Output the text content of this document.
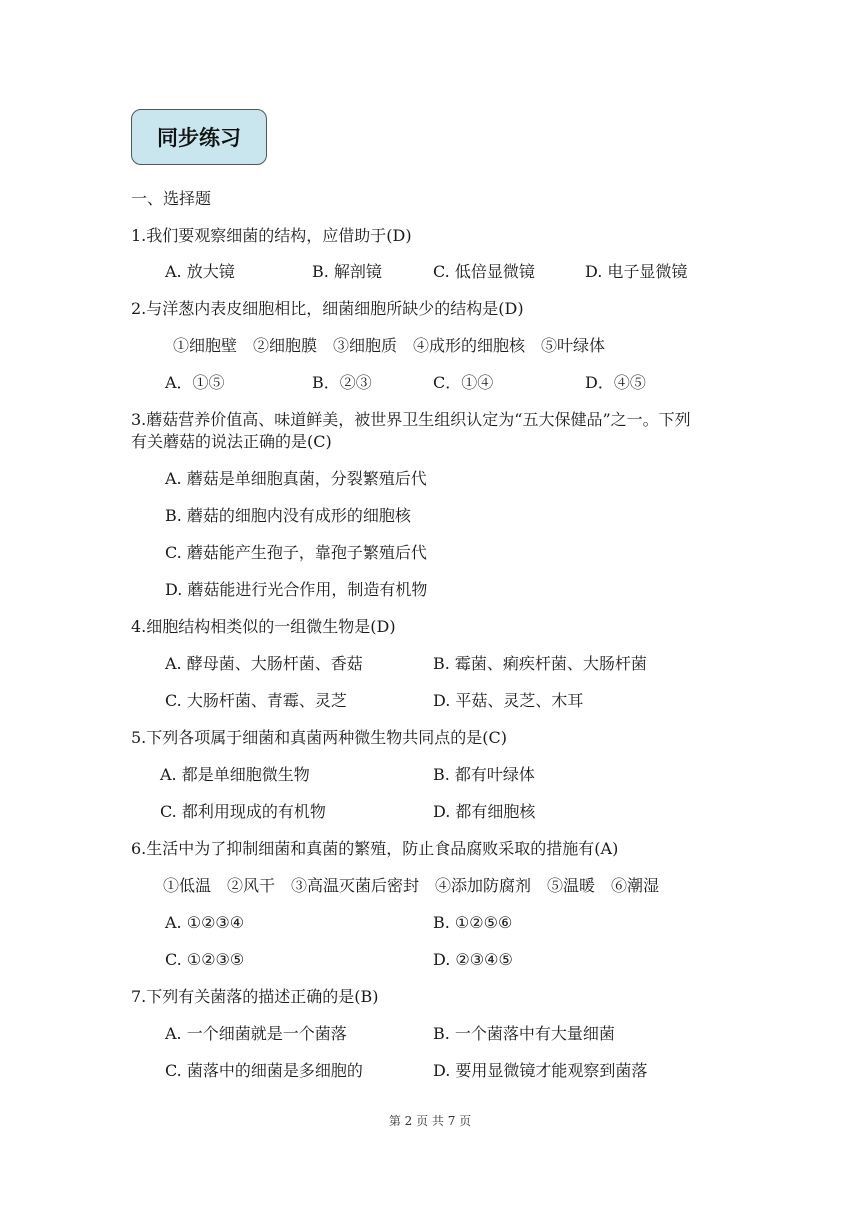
同步练习
一、选择题
1.我们要观察细菌的结构，应借助于(D)
A. 放大镜	B. 解剖镜	C. 低倍显微镜	D. 电子显微镜
2.与洋葱内表皮细胞相比，细菌细胞所缺少的结构是(D)
①细胞壁　②细胞膜　③细胞质　④成形的细胞核　⑤叶绿体
A．①⑤	B．②③	C．①④	D．④⑤
3.蘑菇营养价值高、味道鲜美，被世界卫生组织认定为“五大保健品”之一。下列
有关蘑菇的说法正确的是(C)
A. 蘑菇是单细胞真菌，分裂繁殖后代
B. 蘑菇的细胞内没有成形的细胞核
C. 蘑菇能产生孢子，靠孢子繁殖后代
D. 蘑菇能进行光合作用，制造有机物
4.细胞结构相类似的一组微生物是(D)
A. 酵母菌、大肠杆菌、香菇	B. 霉菌、痢疾杆菌、大肠杆菌
C. 大肠杆菌、青霉、灵芝	D. 平菇、灵芝、木耳
5.下列各项属于细菌和真菌两种微生物共同点的是(C)
A. 都是单细胞微生物	B. 都有叶绿体
C. 都利用现成的有机物	D. 都有细胞核
6.生活中为了抑制细菌和真菌的繁殖，防止食品腐败采取的措施有(A)
①低温　②风干　③高温灭菌后密封　④添加防腐剂　⑤温暖　⑥潮湿
A. ①②③④	B. ①②⑤⑥
C. ①②③⑤	D. ②③④⑤
7.下列有关菌落的描述正确的是(B)
A. 一个细菌就是一个菌落	B. 一个菌落中有大量细菌
C. 菌落中的细菌是多细胞的	D. 要用显微镜才能观察到菌落
第 2 页 共 7 页
